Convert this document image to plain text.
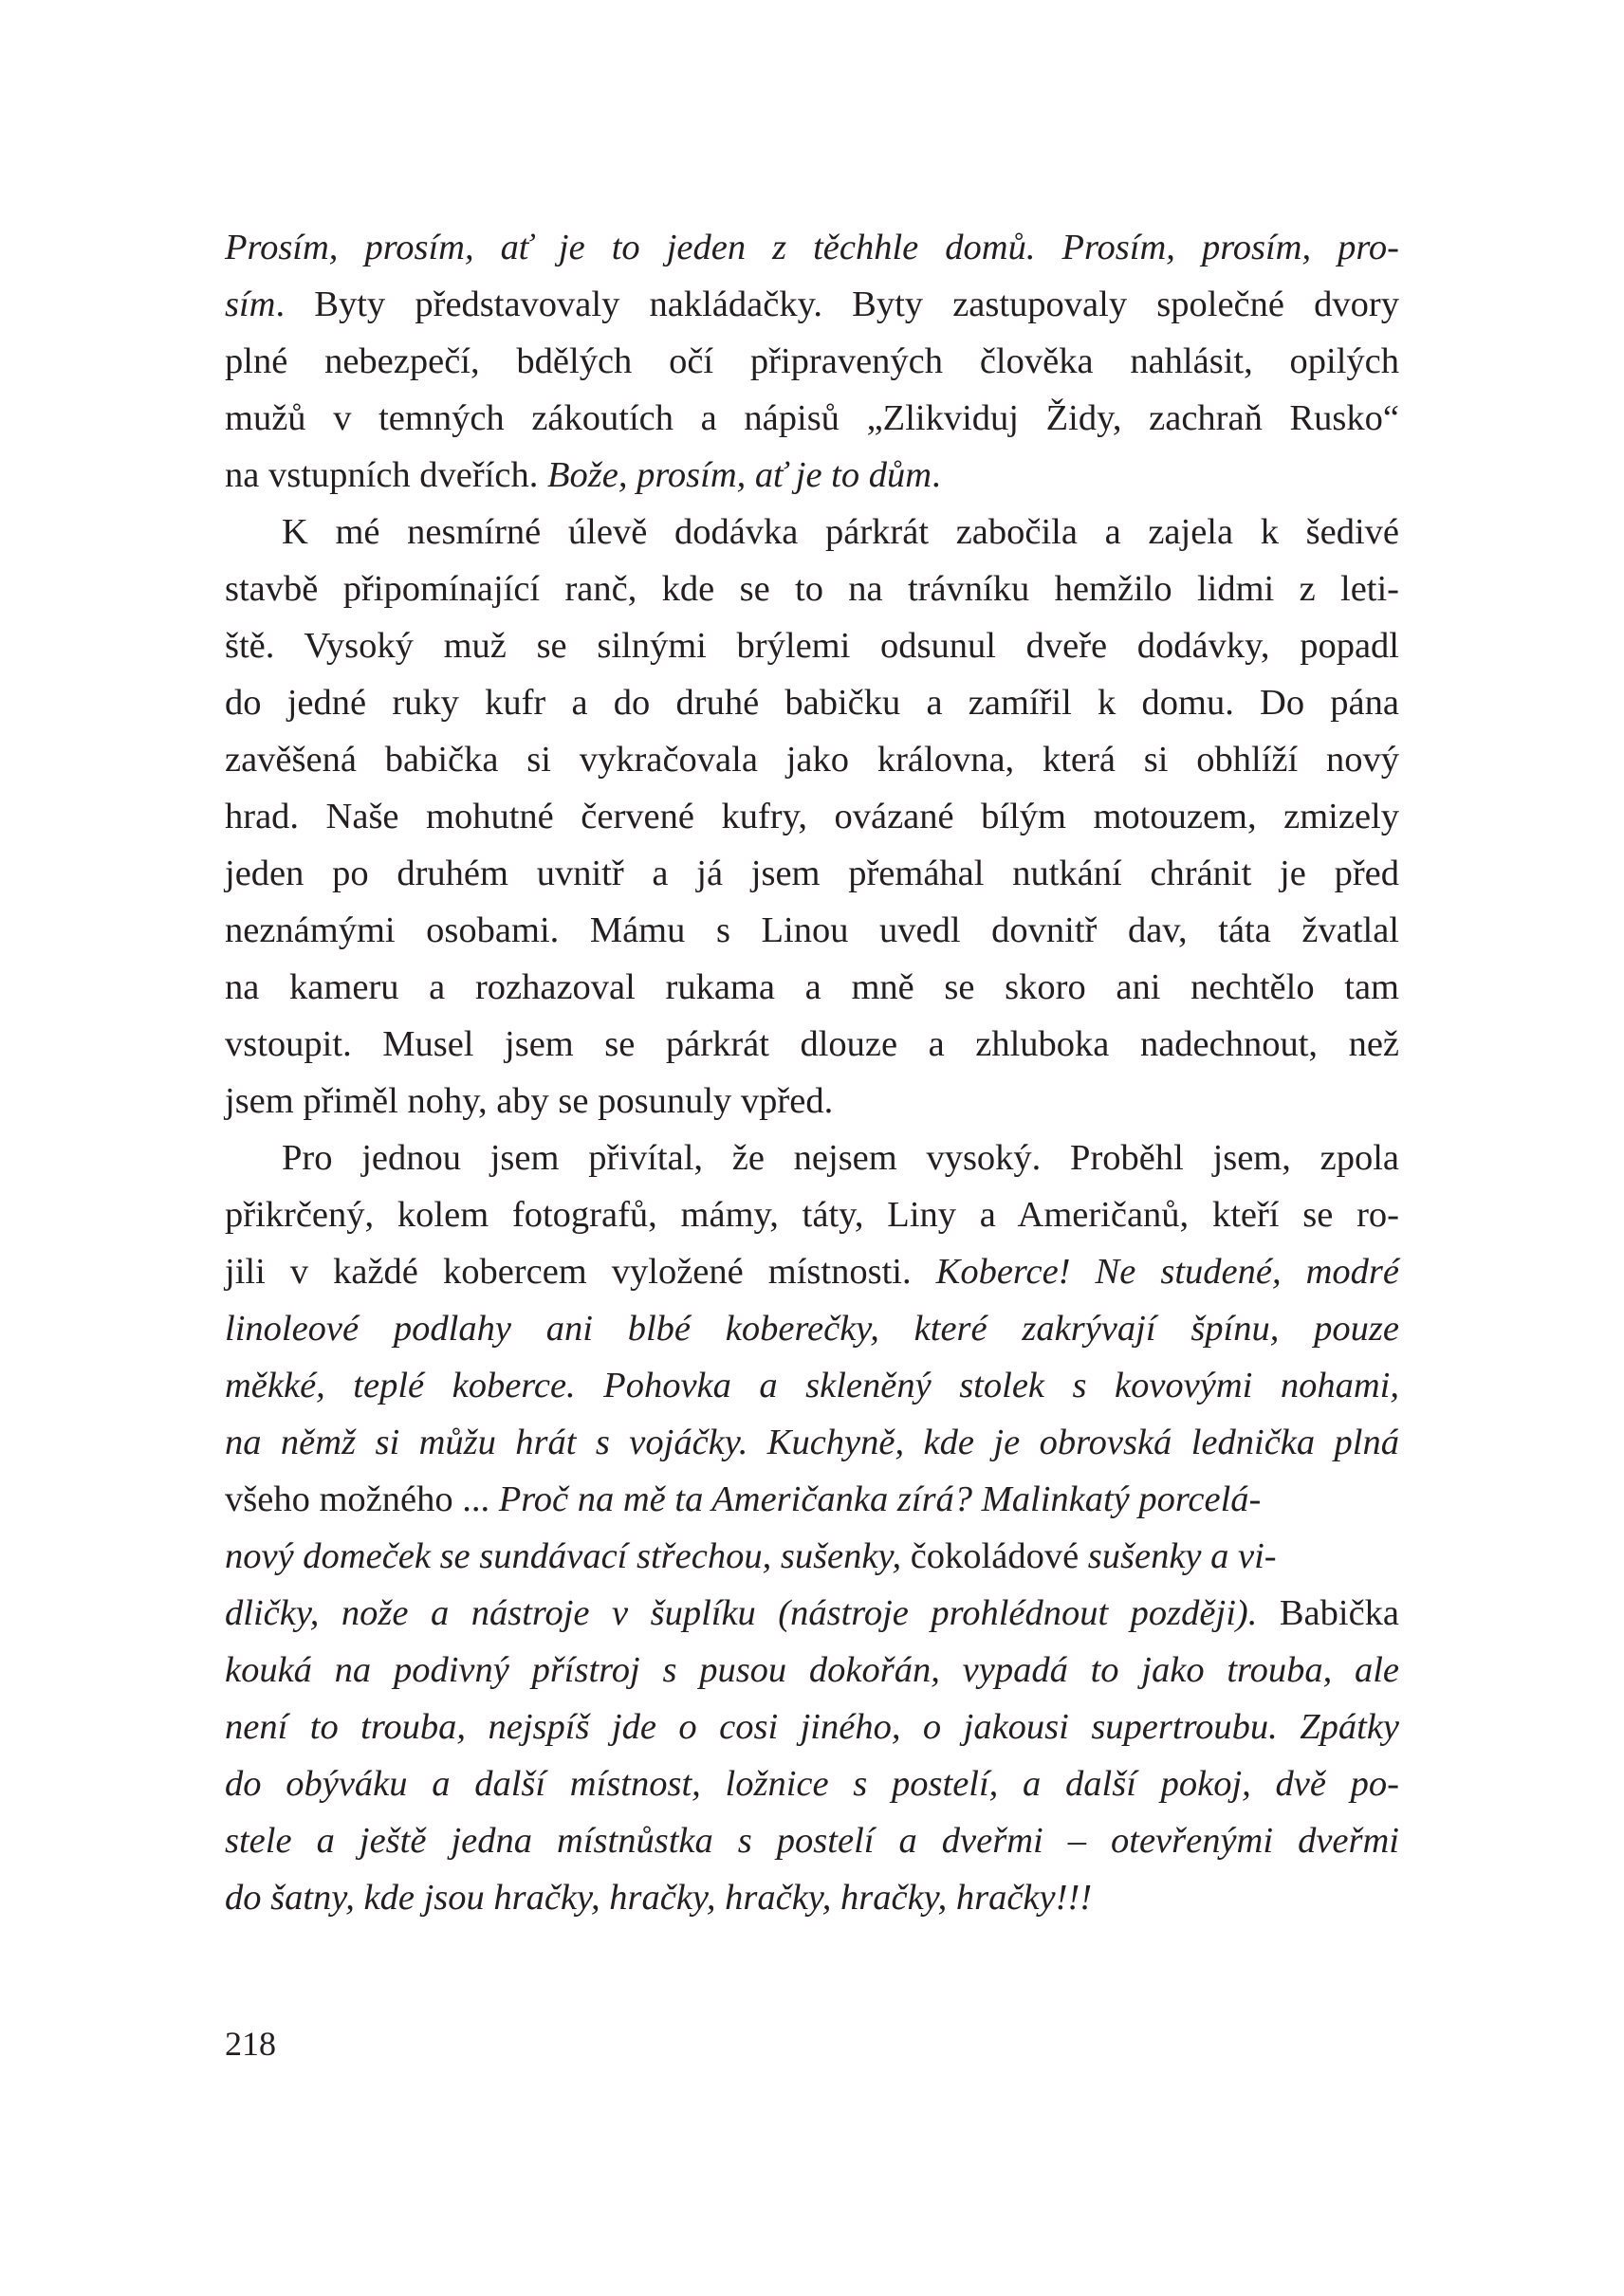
Prosím, prosím, ať je to jeden z těchhle domů. Prosím, prosím, pro-
sím. Byty představovaly nakládačky. Byty zastupovaly společné dvory
plné nebezpečí, bdělých očí připravených člověka nahlásit, opilých
mužů v temných zákoutích a nápisů „Zlikviduj Židy, zachraň Rusko“
na vstupních dveřích. Bože, prosím, ať je to dům.
K mé nesmírné úlevě dodávka párkrát zabočila a zajela k šedivé
stavbě připomínající ranč, kde se to na trávníku hemžilo lidmi z leti-
ště. Vysoký muž se silnými brýlemi odsunul dveře dodávky, popadl
do jedné ruky kufr a do druhé babičku a zamířil k domu. Do pána
zavěšená babička si vykračovala jako královna, která si obhlíží nový
hrad. Naše mohutné červené kufry, ovázané bílým motouzem, zmizely
jeden po druhém uvnitř a já jsem přemáhal nutkání chránit je před
neznámými osobami. Mámu s Linou uvedl dovnitř dav, táta žvatlal
na kameru a rozhazoval rukama a mně se skoro ani nechtělo tam
vstoupit. Musel jsem se párkrát dlouze a zhluboka nadechnout, než
jsem přiměl nohy, aby se posunuly vpřed.
Pro jednou jsem přivítal, že nejsem vysoký. Proběhl jsem, zpola
přikrčený, kolem fotografů, mámy, táty, Liny a Američanů, kteří se ro-
jili v každé kobercem vyložené místnosti. Koberce! Ne studené, modré
linoleové podlahy ani blbé koberečky, které zakrývají špínu, pouze
měkké, teplé koberce. Pohovka a skleněný stolek s kovovými nohami,
na němž si můžu hrát s vojáčky. Kuchyně, kde je obrovská lednička plná
všeho možného ... Proč na mě ta Američanka zírá? Malinkatý porcelá-
nový domeček se sundávací střechou, sušenky, čokoládové sušenky a vi-
dličky, nože a nástroje v šuplíku (nástroje prohlédnout později). Babička
kouká na podivný přístroj s pusou dokořán, vypadá to jako trouba, ale
není to trouba, nejspíš jde o cosi jiného, o jakousi supertroubu. Zpátky
do obýváku a další místnost, ložnice s postelí, a další pokoj, dvě po-
stele a ještě jedna místnůstka s postelí a dveřmi – otevřenými dveřmi
do šatny, kde jsou hračky, hračky, hračky, hračky, hračky!!!
218
